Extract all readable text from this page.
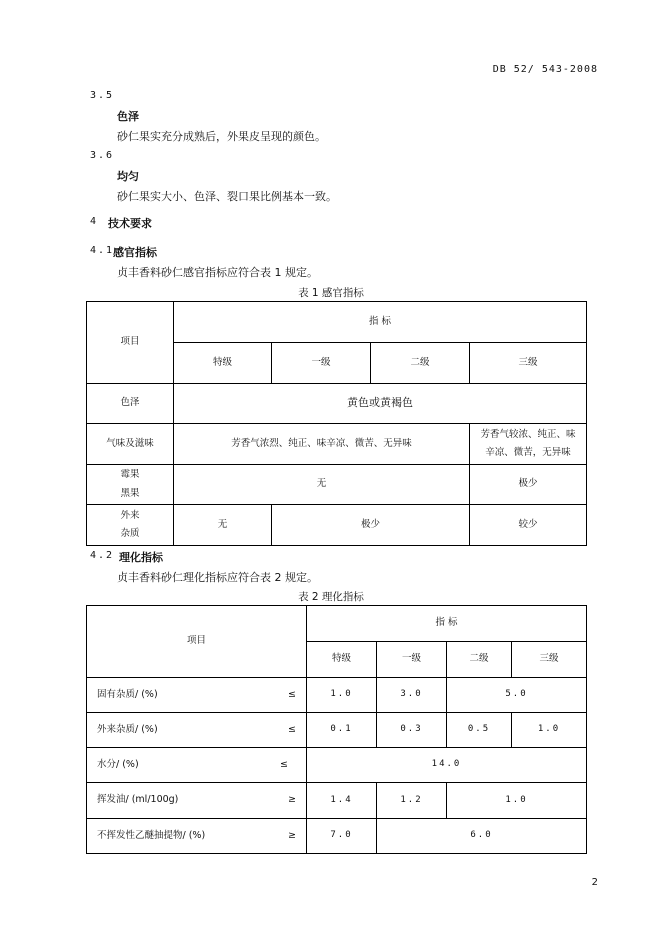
DB 52/ 543-2008
3.5
色泽
砂仁果实充分成熟后，外果皮呈现的颜色。
3.6
均匀
砂仁果实大小、色泽、裂口果比例基本一致。
4 技术要求
4.1
感官指标
贞丰香料砂仁感官指标应符合表 1 规定。
表 1 感官指标
项目	指 标			
	特级	一级	二级	三级
色泽	黄色或黄褐色			
气味及滋味	芳香气浓烈、纯正、味辛凉、微苦、无异味			芳香气较浓、纯正、味
辛凉、微苦，无异味

霉果
黑果	无			极少

外来
杂质	无	极少		较少
4.2 理化指标
贞丰香料砂仁理化指标应符合表 2 规定。
表 2 理化指标
项目	指 标			
	特级	一级	二级	三级

固有杂质/ (%) ≤	1.0	3.0	5.0	

外来杂质/ (%) ≤	0.1	0.3	0.5	1.0

水分/ (%) ≤	14.0			

挥发油/ (ml/100g) ≥	1.4	1.2	1.0	

不挥发性乙醚抽提物/ (%) ≥	7.0	6.0		
2
